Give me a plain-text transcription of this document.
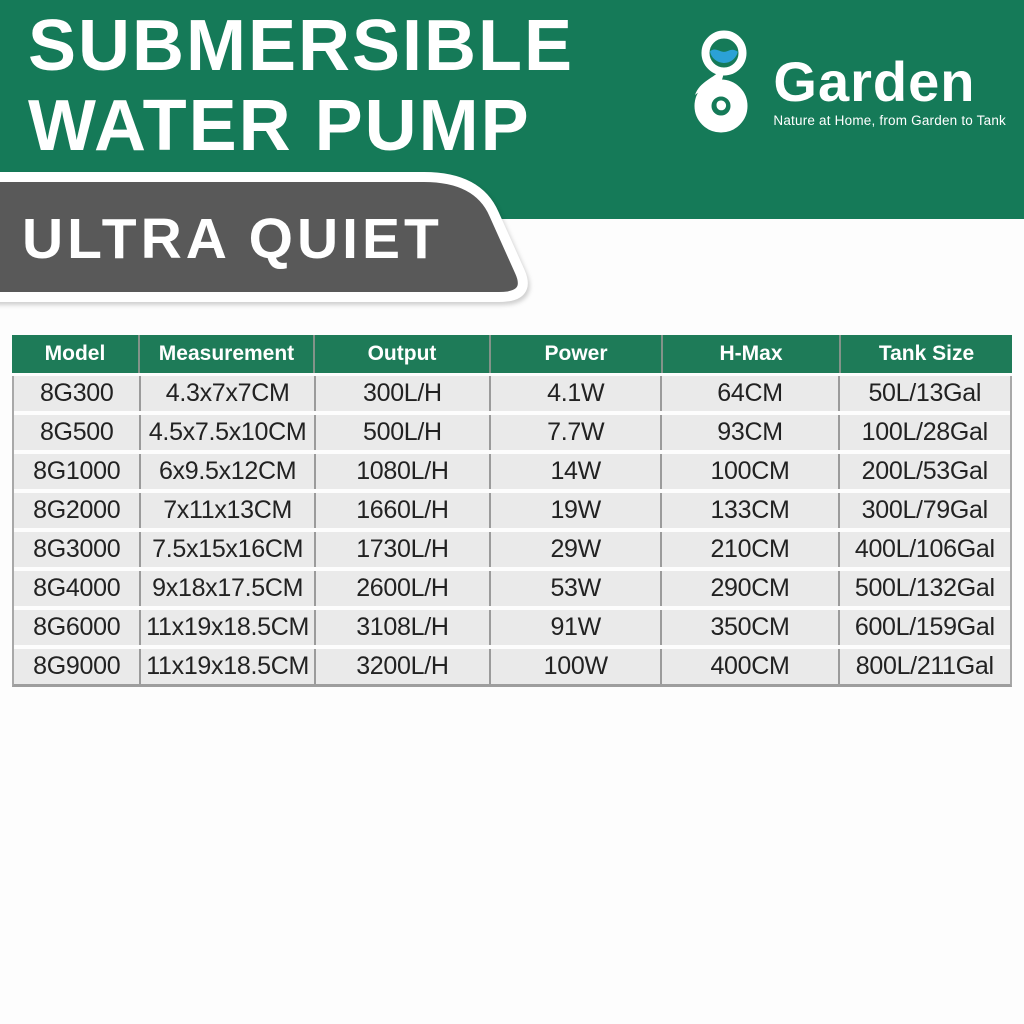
SUBMERSIBLE
WATER PUMP
Garden
Nature at Home, from Garden to Tank
ULTRA QUIET
Model	Measurement	Output	Power	H-Max	Tank Size
8G300	4.3x7x7CM	300L/H	4.1W	64CM	50L/13Gal
8G500	4.5x7.5x10CM	500L/H	7.7W	93CM	100L/28Gal
8G1000	6x9.5x12CM	1080L/H	14W	100CM	200L/53Gal
8G2000	7x11x13CM	1660L/H	19W	133CM	300L/79Gal
8G3000	7.5x15x16CM	1730L/H	29W	210CM	400L/106Gal
8G4000	9x18x17.5CM	2600L/H	53W	290CM	500L/132Gal
8G6000	11x19x18.5CM	3108L/H	91W	350CM	600L/159Gal
8G9000	11x19x18.5CM	3200L/H	100W	400CM	800L/211Gal
